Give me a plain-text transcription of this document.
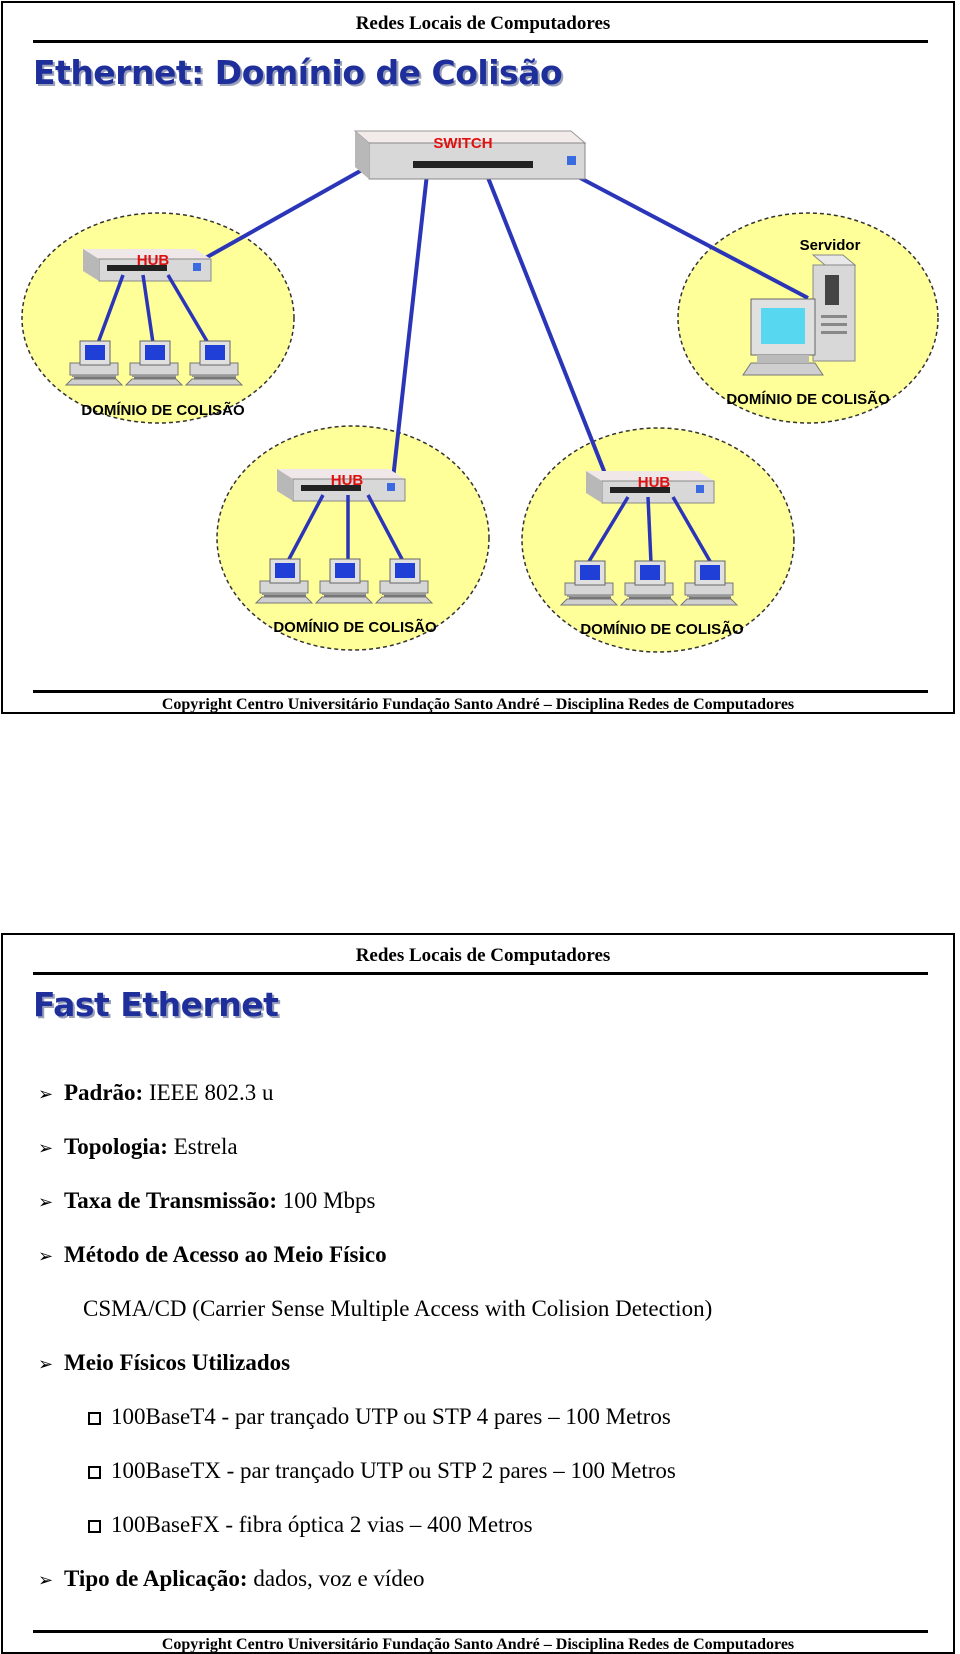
Redes Locais de Computadores
Ethernet: Domínio de Colisão
SWITCH
HUB
DOMÍNIO DE COLISÃO
Servidor
DOMÍNIO DE COLISÃO
HUB
DOMÍNIO DE COLISÃO
HUB
DOMÍNIO DE COLISÃO
Copyright Centro Universitário Fundação Santo André – Disciplina Redes de Computadores
Redes Locais de Computadores
Fast Ethernet
➢ Padrão: IEEE 802.3 u
➢ Topologia: Estrela
➢ Taxa de Transmissão: 100 Mbps
➢ Método de Acesso ao Meio Físico
CSMA/CD (Carrier Sense Multiple Access with Colision Detection)
➢ Meio Físicos Utilizados
100BaseT4 - par trançado UTP ou STP 4 pares – 100 Metros
100BaseTX - par trançado UTP ou STP 2 pares – 100 Metros
100BaseFX - fibra óptica 2 vias – 400 Metros
➢ Tipo de Aplicação: dados, voz e vídeo
Copyright Centro Universitário Fundação Santo André – Disciplina Redes de Computadores
